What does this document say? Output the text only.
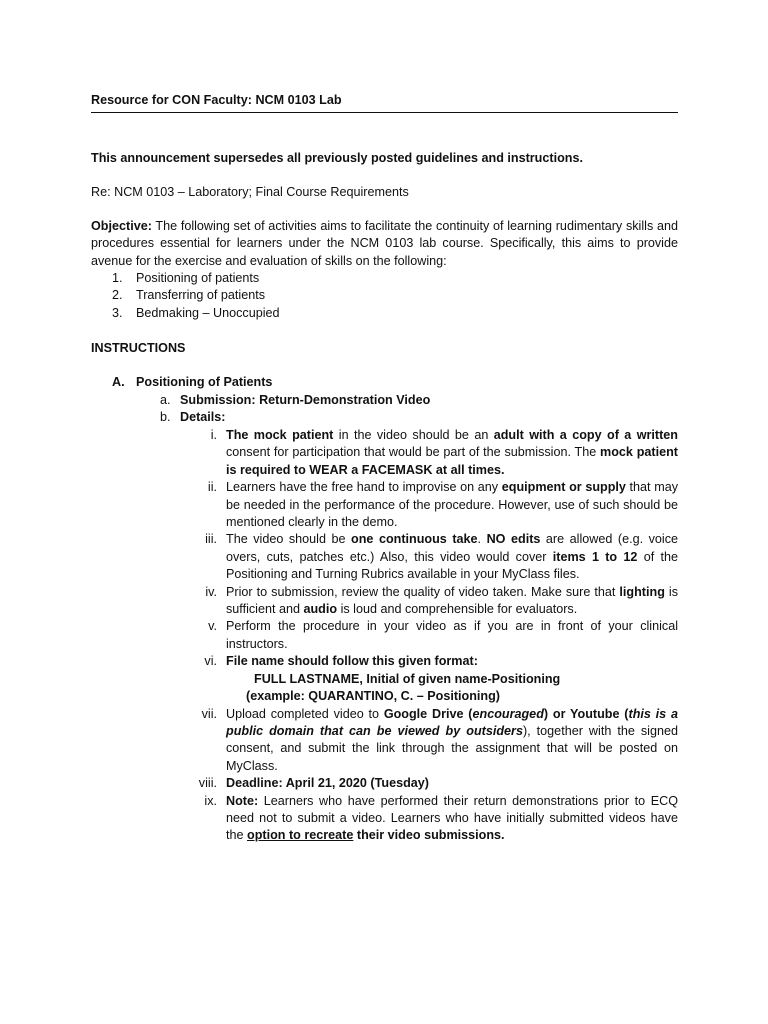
Resource for CON Faculty: NCM 0103 Lab
This announcement supersedes all previously posted guidelines and instructions.
Re: NCM 0103 – Laboratory; Final Course Requirements
Objective: The following set of activities aims to facilitate the continuity of learning rudimentary skills and procedures essential for learners under the NCM 0103 lab course. Specifically, this aims to provide avenue for the exercise and evaluation of skills on the following:
1. Positioning of patients
2. Transferring of patients
3. Bedmaking – Unoccupied
INSTRUCTIONS
A. Positioning of Patients
a. Submission: Return-Demonstration Video
b. Details:
i. The mock patient in the video should be an adult with a copy of a written consent for participation that would be part of the submission. The mock patient is required to WEAR a FACEMASK at all times.
ii. Learners have the free hand to improvise on any equipment or supply that may be needed in the performance of the procedure. However, use of such should be mentioned clearly in the demo.
iii. The video should be one continuous take. NO edits are allowed (e.g. voice overs, cuts, patches etc.) Also, this video would cover items 1 to 12 of the Positioning and Turning Rubrics available in your MyClass files.
iv. Prior to submission, review the quality of video taken. Make sure that lighting is sufficient and audio is loud and comprehensible for evaluators.
v. Perform the procedure in your video as if you are in front of your clinical instructors.
vi. File name should follow this given format:
FULL LASTNAME, Initial of given name-Positioning
(example: QUARANTINO, C. – Positioning)
vii. Upload completed video to Google Drive (encouraged) or Youtube (this is a public domain that can be viewed by outsiders), together with the signed consent, and submit the link through the assignment that will be posted on MyClass.
viii. Deadline: April 21, 2020 (Tuesday)
ix. Note: Learners who have performed their return demonstrations prior to ECQ need not to submit a video. Learners who have initially submitted videos have the option to recreate their video submissions.
